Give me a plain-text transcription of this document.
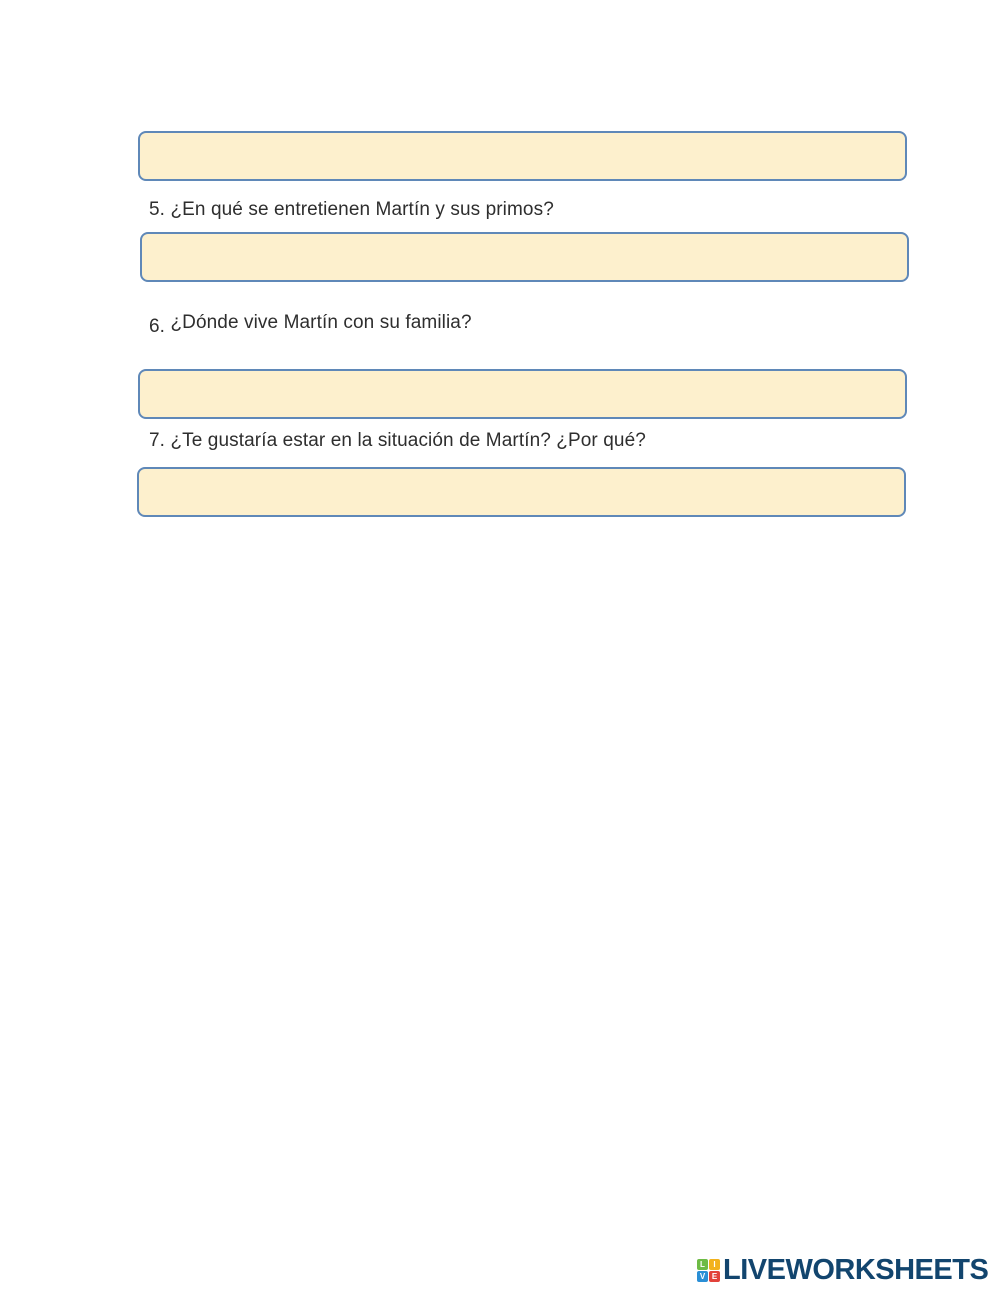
5. ¿En qué se entretienen Martín y sus primos?
6. ¿Dónde vive Martín con su familia?
7. ¿Te gustaría estar en la situación de Martín? ¿Por qué?
L	I
V E LIVEWORKSHEETS
